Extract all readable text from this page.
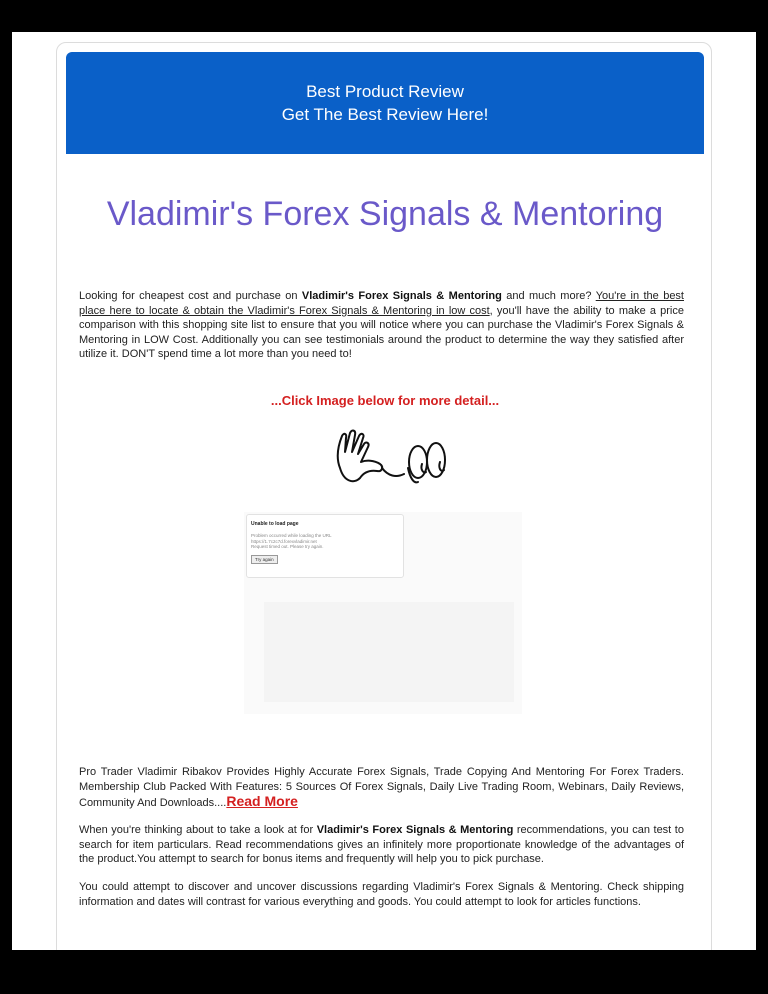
Best Product Review
Get The Best Review Here!
Vladimir's Forex Signals & Mentoring
Looking for cheapest cost and purchase on Vladimir's Forex Signals & Mentoring and much more? You're in the best place here to locate & obtain the Vladimir's Forex Signals & Mentoring in low cost, you'll have the ability to make a price comparison with this shopping site list to ensure that you will notice where you can purchase the Vladimir's Forex Signals & Mentoring in LOW Cost. Additionally you can see testimonials around the product to determine the way they satisfied after utilize it. DON'T spend time a lot more than you need to!
...Click Image below for more detail...
Unable to load page
Problem occurred while loading the URL
https://1.7c2c7d.forexvladimir.net
Request timed out. Please try again.
Try again
Pro Trader Vladimir Ribakov Provides Highly Accurate Forex Signals, Trade Copying And Mentoring For Forex Traders. Membership Club Packed With Features: 5 Sources Of Forex Signals, Daily Live Trading Room, Webinars, Daily Reviews, Community And Downloads....Read More
When you're thinking about to take a look at for Vladimir's Forex Signals & Mentoring recommendations, you can test to search for item particulars. Read recommendations gives an infinitely more proportionate knowledge of the advantages of the product.You attempt to search for bonus items and frequently will help you to pick purchase.
You could attempt to discover and uncover discussions regarding Vladimir's Forex Signals & Mentoring. Check shipping information and dates will contrast for various everything and goods. You could attempt to look for articles functions.
